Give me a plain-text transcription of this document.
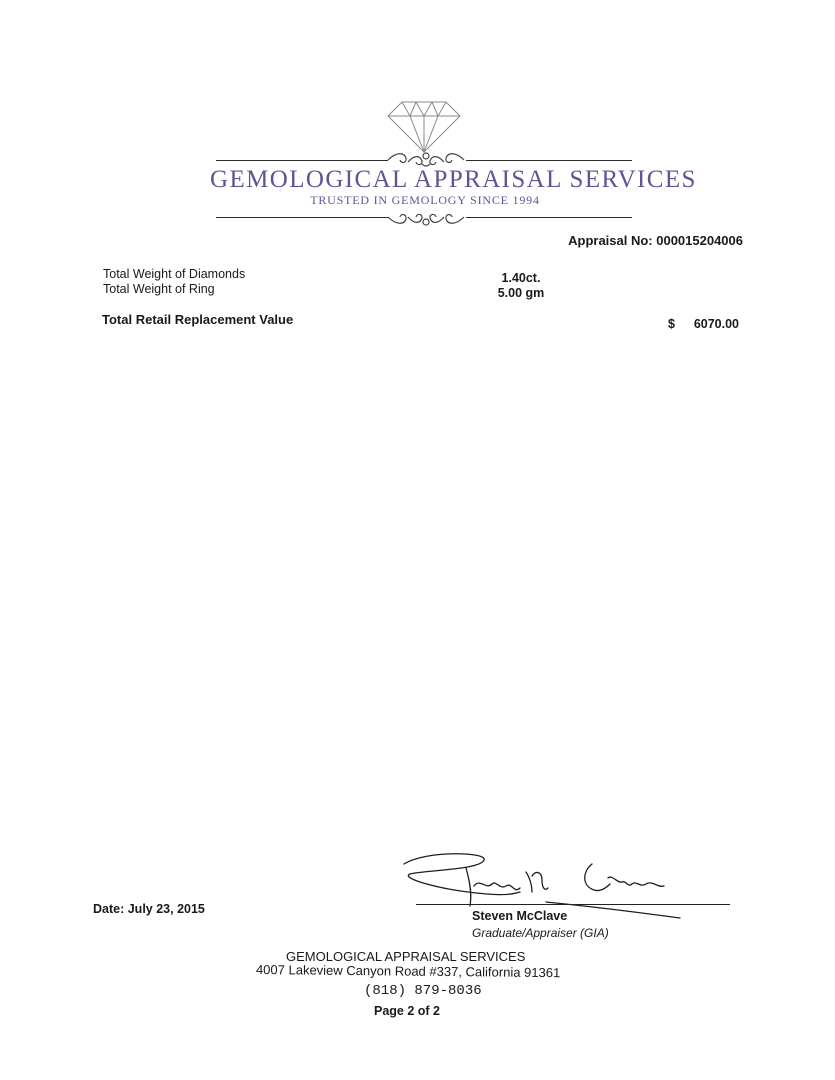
GEMOLOGICAL APPRAISAL SERVICES
TRUSTED IN GEMOLOGY SINCE 1994
Appraisal No: 000015204006
Total Weight of Diamonds	1.40ct.
Total Weight of Ring	5.00 gm
Total Retail Replacement Value	$ 6070.00
Date: July 23, 2015	Steven McClave
Graduate/Appraiser (GIA)
GEMOLOGICAL APPRAISAL SERVICES
4007 Lakeview Canyon Road #337, California 91361
(818) 879-8036
Page 2 of 2
